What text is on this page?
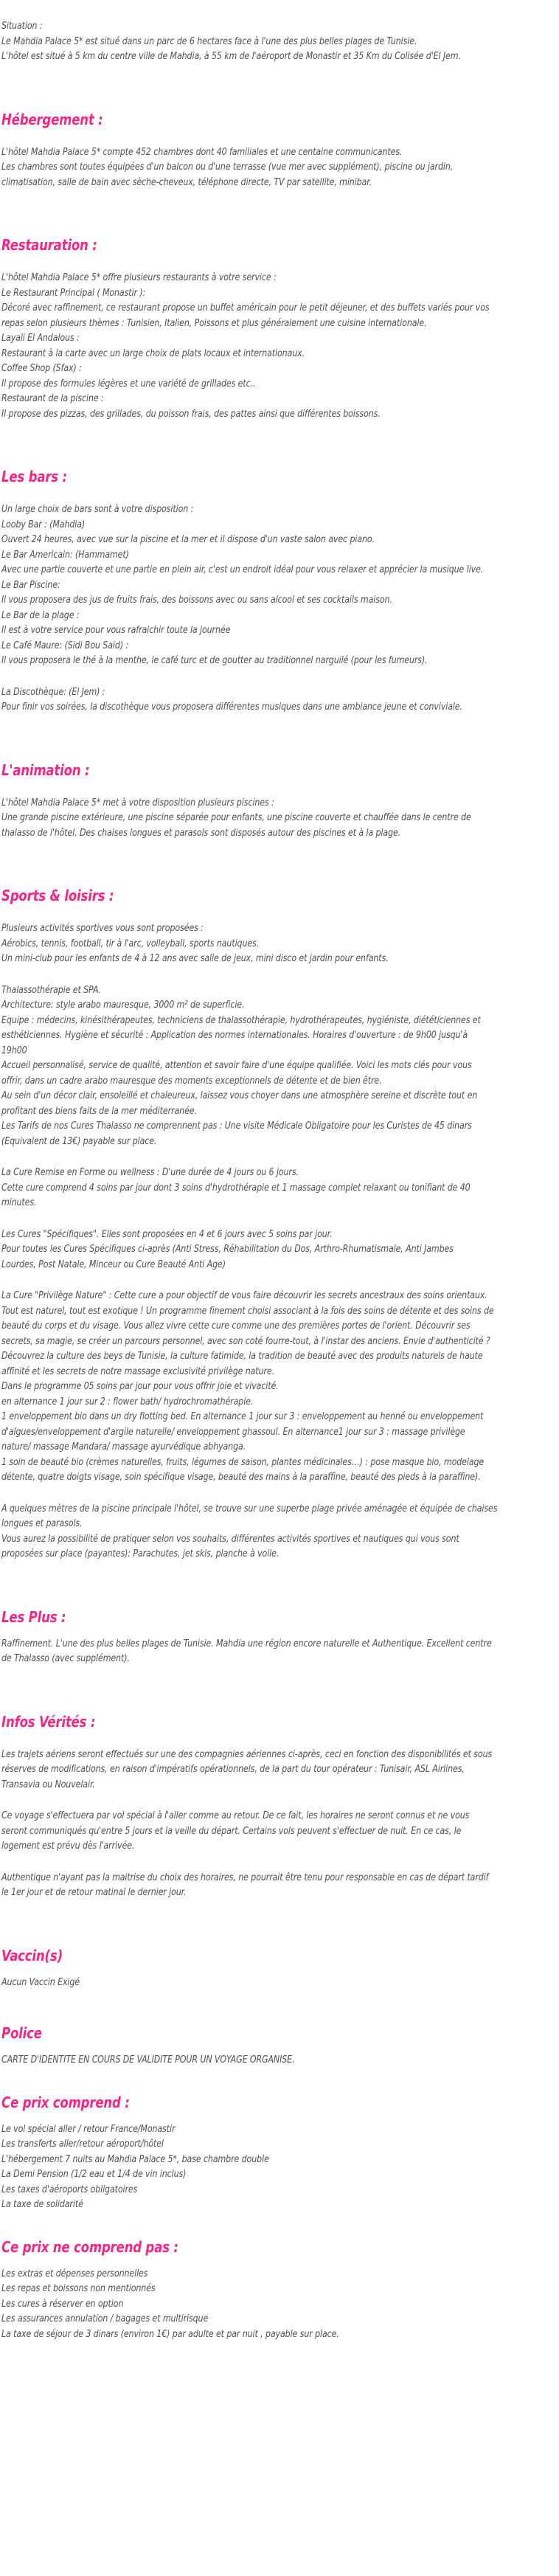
Situation :

Le Mahdia Palace 5* est situé dans un parc de 6 hectares face à l'une des plus belles plages de Tunisie.

L'hôtel est situé à 5 km du centre ville de Mahdia, à 55 km de l'aéroport de Monastir et 35 Km du Colisée d'El Jem.

Hébergement :

L'hôtel Mahdia Palace 5* compte 452 chambres dont 40 familiales et une centaine communicantes.

Les chambres sont toutes équipées d'un balcon ou d'une terrasse (vue mer avec supplément), piscine ou jardin,

climatisation, salle de bain avec sèche-cheveux, téléphone directe, TV par satellite, minibar.

Restauration :

L'hôtel Mahdia Palace 5* offre plusieurs restaurants à votre service :

Le Restaurant Principal ( Monastir ):

Décoré avec raffinement, ce restaurant propose un buffet américain pour le petit déjeuner, et des buffets variés pour vos

repas selon plusieurs thèmes : Tunisien, Italien, Poissons et plus généralement une cuisine internationale.

Layali El Andalous :

Restaurant à la carte avec un large choix de plats locaux et internationaux.

Coffee Shop (Sfax) :

Il propose des formules légères et une variété de grillades etc..

Restaurant de la piscine :

Il propose des pizzas, des grillades, du poisson frais, des pattes ainsi que différentes boissons.

Les bars :

Un large choix de bars sont à votre disposition :

Looby Bar : (Mahdia)

Ouvert 24 heures, avec vue sur la piscine et la mer et il dispose d'un vaste salon avec piano.

Le Bar Americain: (Hammamet)

Avec une partie couverte et une partie en plein air, c'est un endroit idéal pour vous relaxer et apprécier la musique live.

Le Bar Piscine:

Il vous proposera des jus de fruits frais, des boissons avec ou sans alcool et ses cocktails maison.

Le Bar de la plage :

Il est à votre service pour vous rafraichir toute la journée

Le Café Maure: (Sidi Bou Said) :

Il vous proposera le thé à la menthe, le café turc et de goutter au traditionnel narguilé (pour les fumeurs).

La Discothèque: (El Jem) :

Pour finir vos soirées, la discothèque vous proposera différentes musiques dans une ambiance jeune et conviviale.

L'animation :

L'hôtel Mahdia Palace 5* met à votre disposition plusieurs piscines :

Une grande piscine extérieure, une piscine séparée pour enfants, une piscine couverte et chauffée dans le centre de

thalasso de l'hôtel. Des chaises longues et parasols sont disposés autour des piscines et à la plage.

Sports & loisirs :

Plusieurs activités sportives vous sont proposées :

Aérobics, tennis, football, tir à l'arc, volleyball, sports nautiques.

Un mini-club pour les enfants de 4 à 12 ans avec salle de jeux, mini disco et jardin pour enfants.

Thalassothérapie et SPA.

Architecture: style arabo mauresque, 3000 m² de superficie.

Equipe : médecins, kinésithérapeutes, techniciens de thalassothérapie, hydrothérapeutes, hygiéniste, diététiciennes et

esthéticiennes. Hygiène et sécurité : Application des normes internationales. Horaires d'ouverture : de 9h00 jusqu'à

19h00

Accueil personnalisé, service de qualité, attention et savoir faire d'une équipe qualifiée. Voici les mots clés pour vous

offrir, dans un cadre arabo mauresque des moments exceptionnels de détente et de bien être.

Au sein d'un décor clair, ensoleillé et chaleureux, laissez vous choyer dans une atmosphère sereine et discrète tout en

profitant des biens faits de la mer méditerranée.

Les Tarifs de nos Cures Thalasso ne comprennent pas : Une visite Médicale Obligatoire pour les Curistes de 45 dinars

(Equivalent de 13€) payable sur place.

La Cure Remise en Forme ou wellness : D'une durée de 4 jours ou 6 jours.

Cette cure comprend 4 soins par jour dont 3 soins d'hydrothérapie et 1 massage complet relaxant ou tonifiant de 40

minutes.

Les Cures "Spécifiques". Elles sont proposées en 4 et 6 jours avec 5 soins par jour.

Pour toutes les Cures Spécifiques ci-après (Anti Stress, Réhabilitation du Dos, Arthro-Rhumatismale, Anti Jambes

Lourdes, Post Natale, Minceur ou Cure Beauté Anti Age)

La Cure "Privilège Nature" : Cette cure a pour objectif de vous faire découvrir les secrets ancestraux des soins orientaux.

Tout est naturel, tout est exotique ! Un programme finement choisi associant à la fois des soins de détente et des soins de

beauté du corps et du visage. Vous allez vivre cette cure comme une des premières portes de l'orient. Découvrir ses

secrets, sa magie, se créer un parcours personnel, avec son coté fourre-tout, à l'instar des anciens. Envie d'authenticité ?

Découvrez la culture des beys de Tunisie, la culture fatimide, la tradition de beauté avec des produits naturels de haute

affinité et les secrets de notre massage exclusivité privilège nature.

Dans le programme 05 soins par jour pour vous offrir joie et vivacité.

en alternance 1 jour sur 2 : flower bath/ hydrochromathérapie.

1 enveloppement bio dans un dry flotting bed. En alternance 1 jour sur 3 : enveloppement au henné ou enveloppement

d'algues/enveloppement d'argile naturelle/ enveloppement ghassoul. En alternance1 jour sur 3 : massage privilège

nature/ massage Mandara/ massage ayurvédique abhyanga.

1 soin de beauté bio (crèmes naturelles, fruits, légumes de saison, plantes médicinales…) : pose masque bio, modelage

détente, quatre doigts visage, soin spécifique visage, beauté des mains à la paraffine, beauté des pieds à la paraffine).

A quelques mètres de la piscine principale l'hôtel, se trouve sur une superbe plage privée aménagée et équipée de chaises

longues et parasols.

Vous aurez la possibilité de pratiquer selon vos souhaits, différentes activités sportives et nautiques qui vous sont

proposées sur place (payantes): Parachutes, jet skis, planche à voile.

Les Plus :

Raffinement. L'une des plus belles plages de Tunisie. Mahdia une région encore naturelle et Authentique. Excellent centre

de Thalasso (avec supplément).

Infos Vérités :

Les trajets aériens seront effectués sur une des compagnies aériennes ci-après, ceci en fonction des disponibilités et sous

réserves de modifications, en raison d'impératifs opérationnels, de la part du tour opérateur : Tunisair, ASL Airlines,

Transavia ou Nouvelair.

Ce voyage s'effectuera par vol spécial à l'aller comme au retour. De ce fait, les horaires ne seront connus et ne vous

seront communiqués qu'entre 5 jours et la veille du départ. Certains vols peuvent s'effectuer de nuit. En ce cas, le

logement est prévu dès l'arrivée.

Authentique n'ayant pas la maitrise du choix des horaires, ne pourrait être tenu pour responsable en cas de départ tardif

le 1er jour et de retour matinal le dernier jour.

Vaccin(s)

Aucun Vaccin Exigé

Police

CARTE D'IDENTITE EN COURS DE VALIDITE POUR UN VOYAGE ORGANISE.

Ce prix comprend :

Le vol spécial aller / retour France/Monastir

Les transferts aller/retour aéroport/hôtel

L'hébergement 7 nuits au Mahdia Palace 5*, base chambre double

La Demi Pension (1/2 eau et 1/4 de vin inclus)

Les taxes d'aéroports obligatoires

La taxe de solidarité

Ce prix ne comprend pas :

Les extras et dépenses personnelles

Les repas et boissons non mentionnés

Les cures à réserver en option

Les assurances annulation / bagages et multirisque

La taxe de séjour de 3 dinars (environ 1€) par adulte et par nuit , payable sur place.
